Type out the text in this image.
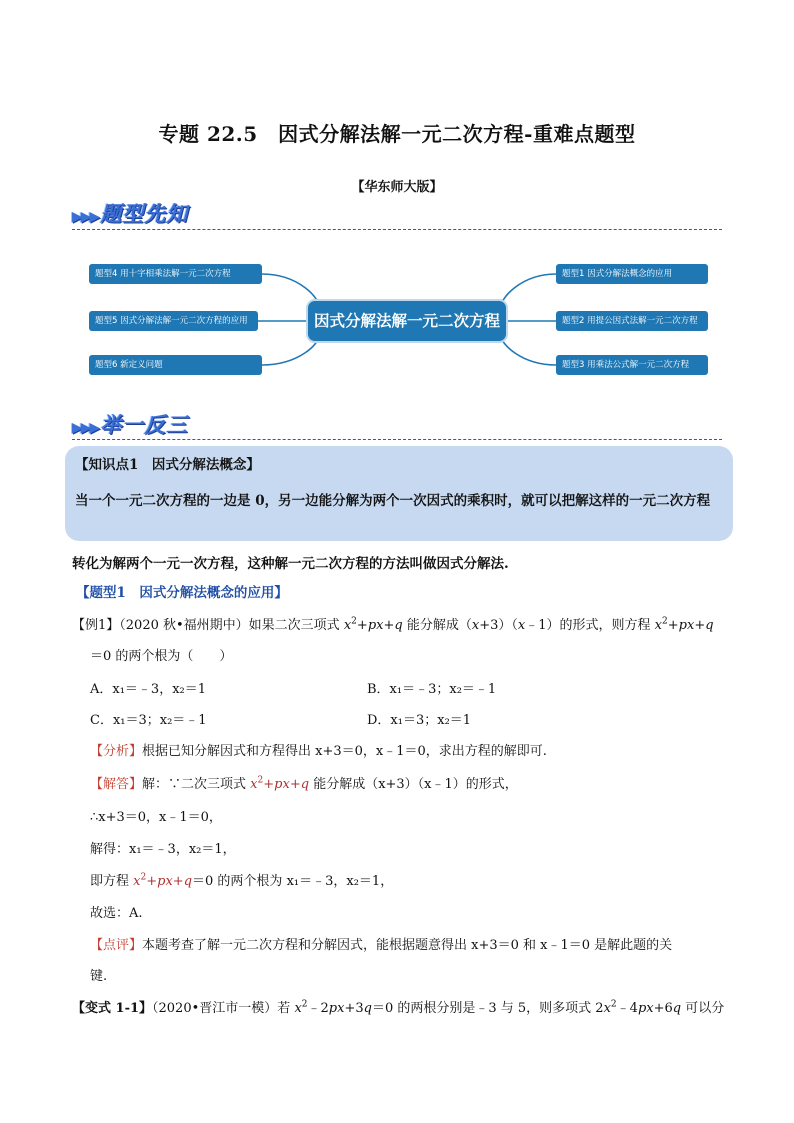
专题 22.5　因式分解法解一元二次方程-重难点题型
【华东师大版】
▶▶▶题型先知
题型4 用十字相乘法解一元二次方程
题型5 因式分解法解一元二次方程的应用
题型6 新定义问题
因式分解法解一元二次方程
题型1 因式分解法概念的应用
题型2 用提公因式法解一元二次方程
题型3 用乘法公式解一元二次方程
▶▶▶举一反三
【知识点1　因式分解法概念】
当一个一元二次方程的一边是 0，另一边能分解为两个一次因式的乘积时，就可以把解这样的一元二次方程
转化为解两个一元一次方程，这种解一元二次方程的方法叫做因式分解法.
【题型1　因式分解法概念的应用】
【例1】（2020 秋•福州期中）如果二次三项式 $x^2+px+q$ 能分解成（x+3）（x﹣1）的形式，则方程 $x^2+px+q$
＝0 的两个根为（　　）
A．x₁＝﹣3，x₂＝1	B．x₁＝﹣3；x₂＝﹣1
C．x₁＝3；x₂＝﹣1	D．x₁＝3；x₂＝1
【分析】根据已知分解因式和方程得出 x+3＝0，x﹣1＝0，求出方程的解即可.
【解答】解：∵二次三项式 $x^2+px+q$ 能分解成（x+3）（x﹣1）的形式，
∴x+3＝0，x﹣1＝0，
解得：x₁＝﹣3，x₂＝1，
即方程 $x^2+px+q=0$ 的两个根为 x₁＝﹣3，x₂＝1，
故选：A.
【点评】本题考查了解一元二次方程和分解因式，能根据题意得出 x+3＝0 和 x﹣1＝0 是解此题的关
键.
【变式 1-1】（2020•晋江市一模）若 $x^2﹣2px+3q=0$ 的两根分别是﹣3 与 5，则多项式 $2x^2﹣4px+6q$ 可以分
